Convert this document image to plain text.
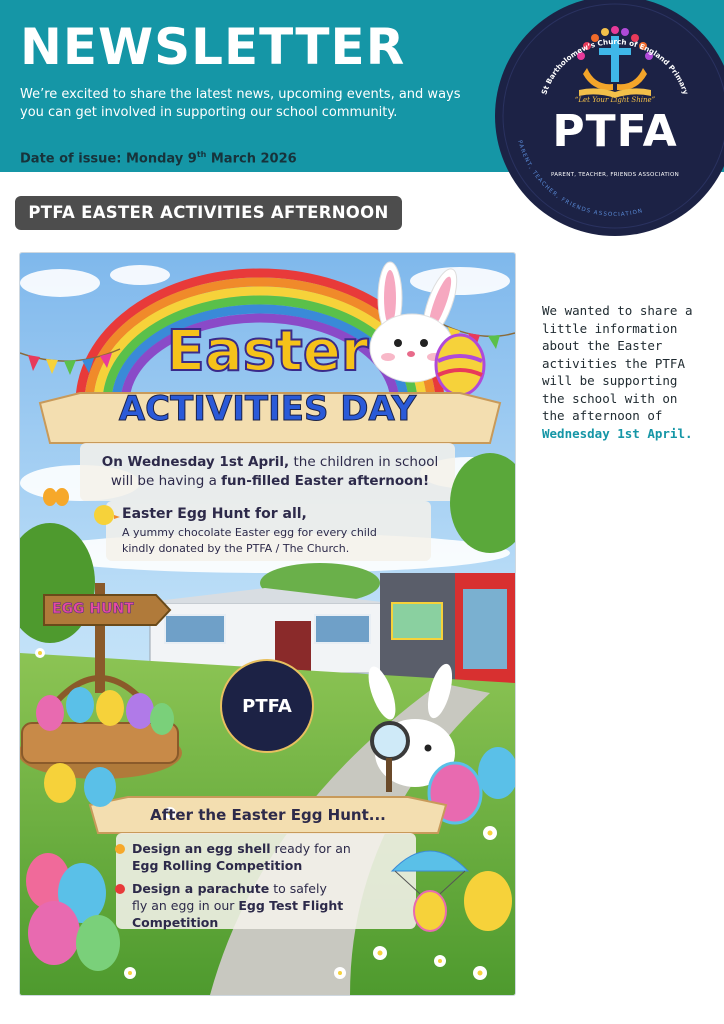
NEWSLETTER
We’re excited to share the latest news, upcoming events, and ways you can get involved in supporting our school community.
Date of issue: Monday 9th March 2026
St Bartholomew’s Church of England Primary
PARENT, TEACHER, FRIENDS ASSOCIATION
“Let Your Light Shine”
PTFA
PARENT, TEACHER, FRIENDS ASSOCIATION
PTFA EASTER ACTIVITIES AFTERNOON
Easter
ACTIVITIES DAY
On Wednesday 1st April, the children in school will be having a fun-filled Easter afternoon!
Easter Egg Hunt for all,
A yummy chocolate Easter egg for every child
kindly donated by the PTFA / The Church.
EGG HUNT
PTFA
After the Easter Egg Hunt...
Design an egg shell ready for an
Egg Rolling Competition
Design a parachute to safely
fly an egg in our Egg Test Flight
Competition
We wanted to share a little information about the Easter activities the PTFA will be supporting the school with on the afternoon of Wednesday 1st April.
